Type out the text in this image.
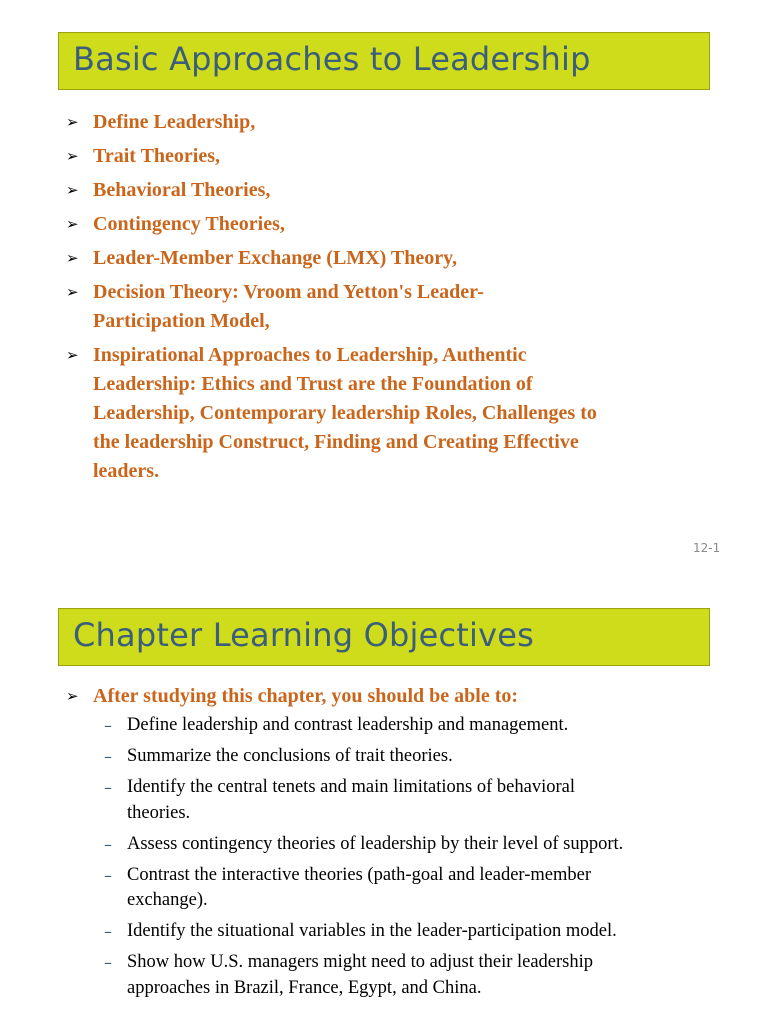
Basic Approaches to Leadership
➢ Define Leadership,
➢ Trait Theories,
➢ Behavioral Theories,
➢ Contingency Theories,
➢ Leader-Member Exchange (LMX) Theory,
➢ Decision Theory: Vroom and Yetton's Leader-
Participation Model,
➢ Inspirational Approaches to Leadership, Authentic
Leadership: Ethics and Trust are the Foundation of
Leadership, Contemporary leadership Roles, Challenges to
the leadership Construct, Finding and Creating Effective
leaders.
12-1
Chapter Learning Objectives
➢ After studying this chapter, you should be able to:
– Define leadership and contrast leadership and management.
– Summarize the conclusions of trait theories.
– Identify the central tenets and main limitations of behavioral
theories.
– Assess contingency theories of leadership by their level of support.
– Contrast the interactive theories (path-goal and leader-member
exchange).
– Identify the situational variables in the leader-participation model.
– Show how U.S. managers might need to adjust their leadership
approaches in Brazil, France, Egypt, and China.
